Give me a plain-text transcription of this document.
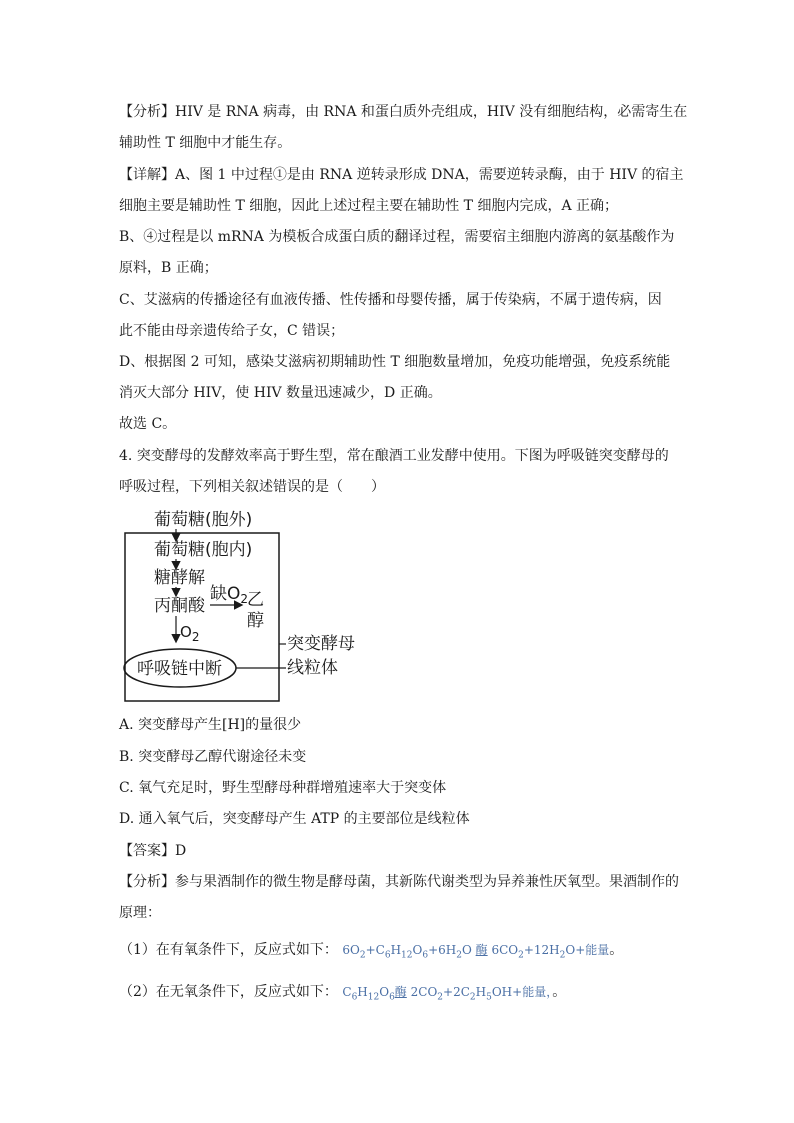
【分析】HIV 是 RNA 病毒，由 RNA 和蛋白质外壳组成，HIV 没有细胞结构，必需寄生在
辅助性 T 细胞中才能生存。
【详解】A、图 1 中过程①是由 RNA 逆转录形成 DNA，需要逆转录酶，由于 HIV 的宿主
细胞主要是辅助性 T 细胞，因此上述过程主要在辅助性 T 细胞内完成，A 正确；
B、④过程是以 mRNA 为模板合成蛋白质的翻译过程，需要宿主细胞内游离的氨基酸作为
原料，B 正确；
C、艾滋病的传播途径有血液传播、性传播和母婴传播，属于传染病，不属于遗传病，因
此不能由母亲遗传给子女，C 错误；
D、根据图 2 可知，感染艾滋病初期辅助性 T 细胞数量增加，免疫功能增强，免疫系统能
消灭大部分 HIV，使 HIV 数量迅速减少，D 正确。
故选 C。
4. 突变酵母的发酵效率高于野生型，常在酿酒工业发酵中使用。下图为呼吸链突变酵母的
呼吸过程，下列相关叙述错误的是（　　）
葡萄糖(胞外)
葡萄糖(胞内)
糖酵解
丙酮酸
缺$O_2$
乙
醇
$O_2$
呼吸链中断
突变酵母
线粒体
A. 突变酵母产生[H]的量很少
B. 突变酵母乙醇代谢途径未变
C. 氧气充足时，野生型酵母种群增殖速率大于突变体
D. 通入氧气后，突变酵母产生 ATP 的主要部位是线粒体
【答案】D
【分析】参与果酒制作的微生物是酵母菌，其新陈代谢类型为异养兼性厌氧型。果酒制作的
原理：
（1）在有氧条件下，反应式如下： $6O_2+C_6H_{12}O_6+6H_2O$ 酶 $6CO_2+12H_2O+$能量。
（2）在无氧条件下，反应式如下： $C_6H_{12}O_6$酶 $2CO_2+2C_2H_5OH+$能量，。
